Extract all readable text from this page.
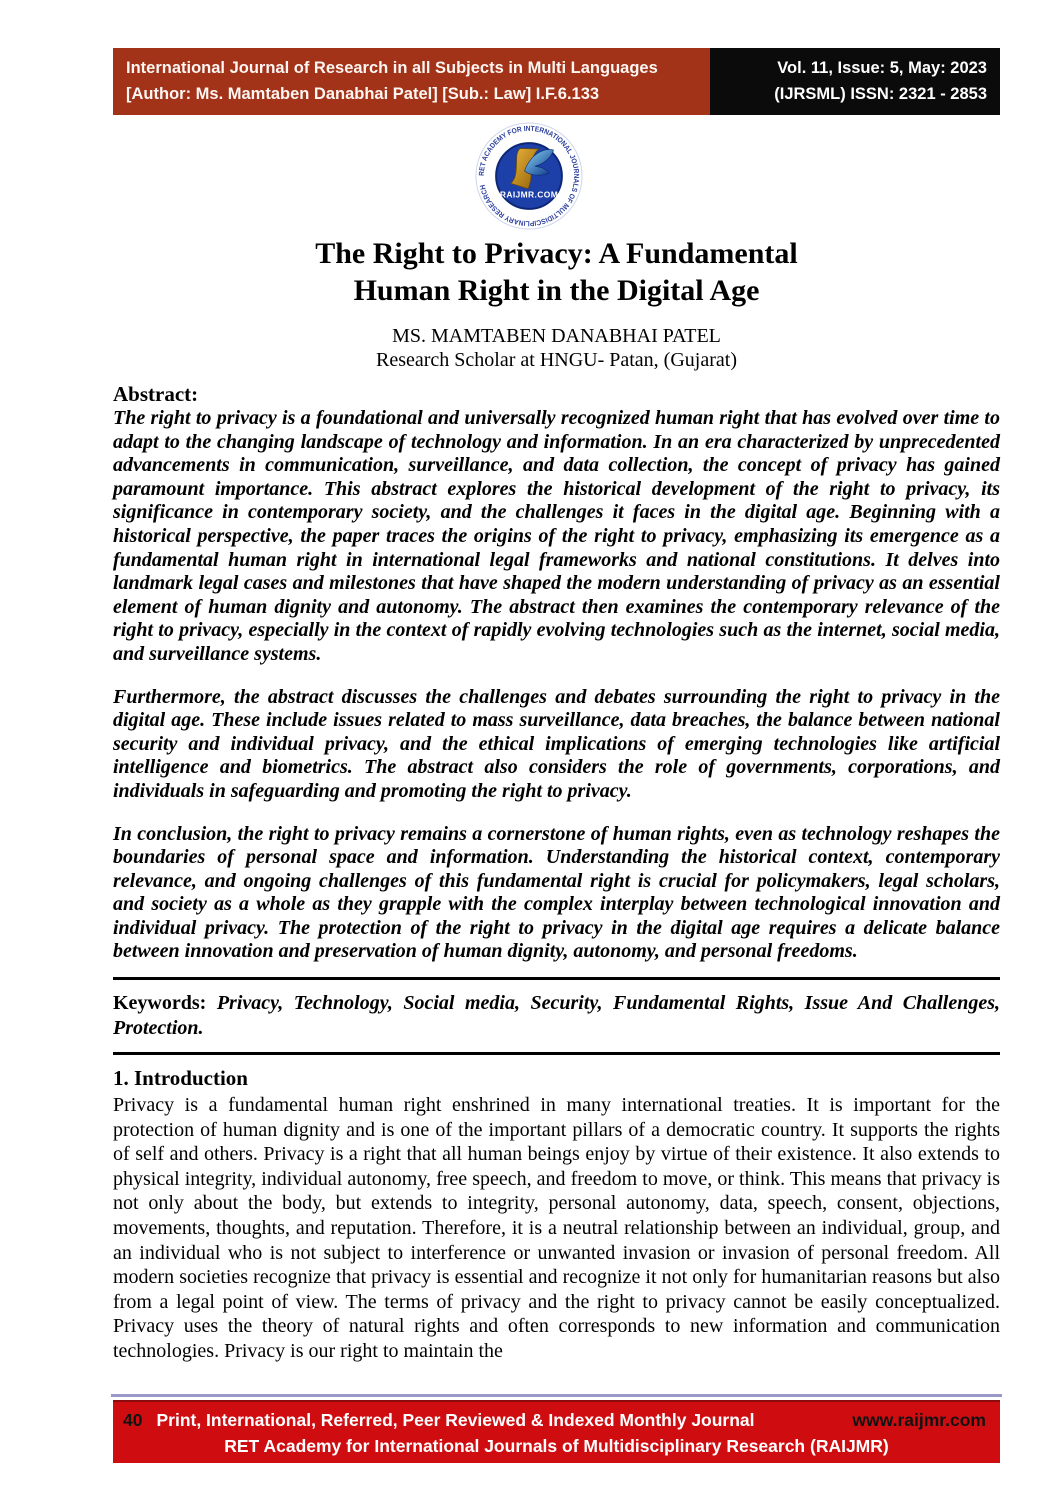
International Journal of Research in all Subjects in Multi Languages
[Author: Ms. Mamtaben Danabhai Patel] [Sub.: Law] I.F.6.133
Vol. 11, Issue: 5, May: 2023
(IJRSML) ISSN: 2321 - 2853
RET ACADEMY FOR INTERNATIONAL JOURNALS OF MULTIDISCIPLINARY RESEARCH
RAIJMR.COM
The Right to Privacy: A Fundamental
Human Right in the Digital Age
MS. MAMTABEN DANABHAI PATEL
Research Scholar at HNGU- Patan, (Gujarat)
Abstract:

The right to privacy is a foundational and universally recognized human right that has evolved over time to adapt to the changing landscape of technology and information. In an era characterized by unprecedented advancements in communication, surveillance, and data collection, the concept of privacy has gained paramount importance. This abstract explores the historical development of the right to privacy, its significance in contemporary society, and the challenges it faces in the digital age. Beginning with a historical perspective, the paper traces the origins of the right to privacy, emphasizing its emergence as a fundamental human right in international legal frameworks and national constitutions. It delves into landmark legal cases and milestones that have shaped the modern understanding of privacy as an essential element of human dignity and autonomy. The abstract then examines the contemporary relevance of the right to privacy, especially in the context of rapidly evolving technologies such as the internet, social media, and surveillance systems.

Furthermore, the abstract discusses the challenges and debates surrounding the right to privacy in the digital age. These include issues related to mass surveillance, data breaches, the balance between national security and individual privacy, and the ethical implications of emerging technologies like artificial intelligence and biometrics. The abstract also considers the role of governments, corporations, and individuals in safeguarding and promoting the right to privacy.

In conclusion, the right to privacy remains a cornerstone of human rights, even as technology reshapes the boundaries of personal space and information. Understanding the historical context, contemporary relevance, and ongoing challenges of this fundamental right is crucial for policymakers, legal scholars, and society as a whole as they grapple with the complex interplay between technological innovation and individual privacy. The protection of the right to privacy in the digital age requires a delicate balance between innovation and preservation of human dignity, autonomy, and personal freedoms.

Keywords: Privacy, Technology, Social media, Security, Fundamental Rights, Issue And Challenges, Protection.

1. Introduction

Privacy is a fundamental human right enshrined in many international treaties. It is important for the protection of human dignity and is one of the important pillars of a democratic country. It supports the rights of self and others. Privacy is a right that all human beings enjoy by virtue of their existence. It also extends to physical integrity, individual autonomy, free speech, and freedom to move, or think. This means that privacy is not only about the body, but extends to integrity, personal autonomy, data, speech, consent, objections, movements, thoughts, and reputation. Therefore, it is a neutral relationship between an individual, group, and an individual who is not subject to interference or unwanted invasion or invasion of personal freedom. All modern societies recognize that privacy is essential and recognize it not only for humanitarian reasons but also from a legal point of view. The terms of privacy and the right to privacy cannot be easily conceptualized. Privacy uses the theory of natural rights and often corresponds to new information and communication technologies. Privacy is our right to maintain the

40 Print, International, Referred, Peer Reviewed & Indexed Monthly Journal	www.raijmr.com
RET Academy for International Journals of Multidisciplinary Research (RAIJMR)
